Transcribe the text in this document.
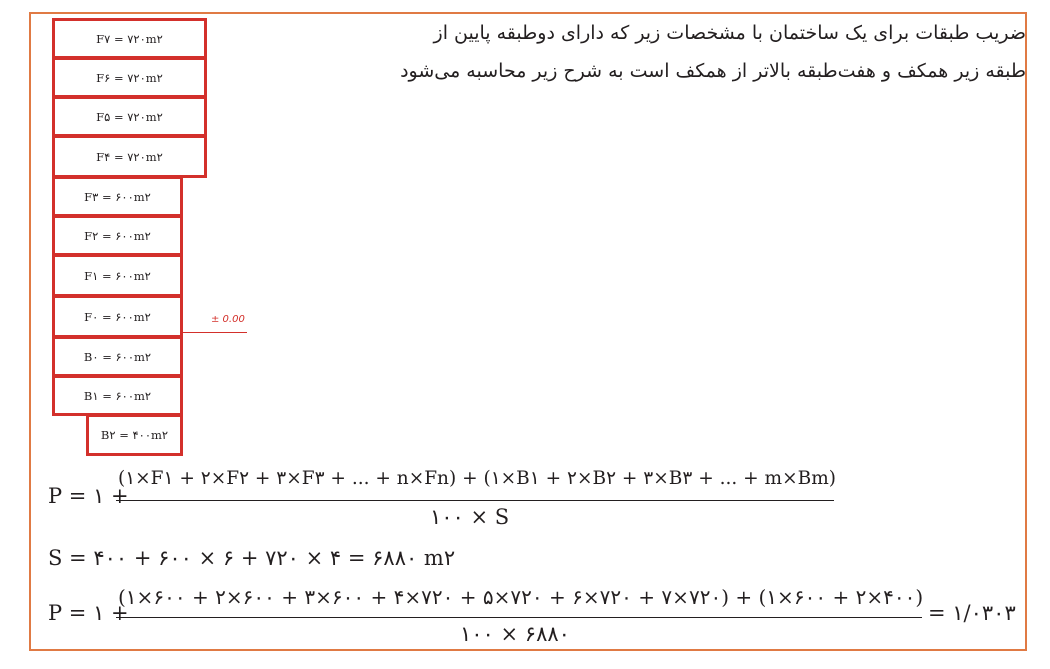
ضریب طبقات برای یک ساختمان با مشخصات زیر که دارای دوطبقه پایین از
طبقه زیر همکف و هفت‌طبقه بالاتر از همکف است به شرح زیر محاسبه می‌شود
F۷ = ۷۲۰m۲
F۶ = ۷۲۰m۲
F۵ = ۷۲۰m۲
F۴ = ۷۲۰m۲
F۳ = ۶۰۰m۲
F۲ = ۶۰۰m۲
F۱ = ۶۰۰m۲
F۰ = ۶۰۰m۲
B۰ = ۶۰۰m۲
B۱ = ۶۰۰m۲
B۲ = ۴۰۰m۲
± 0.00
P = ۱ +
(۱×F۱ + ۲×F۲ + ۳×F۳ + ... + n×Fn) + (۱×B۱ + ۲×B۲ + ۳×B۳ + ... + m×Bm)
۱۰۰ × S
S = ۴۰۰ + ۶۰۰ × ۶ + ۷۲۰ × ۴ = ۶۸۸۰ m۲
P = ۱ +
(۱×۶۰۰ + ۲×۶۰۰ + ۳×۶۰۰ + ۴×۷۲۰ + ۵×۷۲۰ + ۶×۷۲۰ + ۷×۷۲۰) + (۱×۶۰۰ + ۲×۴۰۰)
۱۰۰ × ۶۸۸۰
= ۱/۰۳۰۳
